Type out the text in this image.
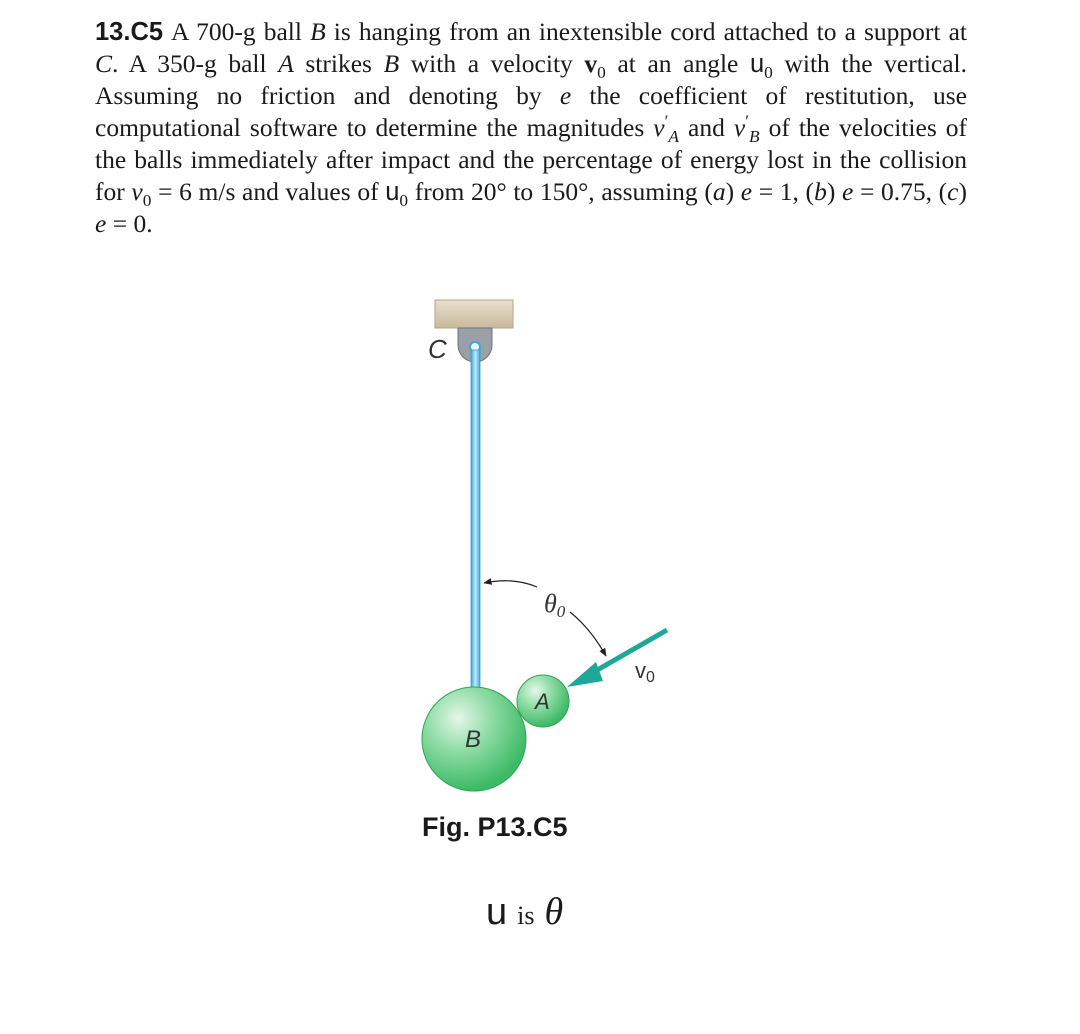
13.C5 A 700-g ball B is hanging from an inextensible cord attached to a support at C. A 350-g ball A strikes B with a velocity $v_0$ at an angle $u_0$ with the vertical. Assuming no friction and denoting by e the coefficient of restitution, use computational software to determine the magnitudes $v'_A$ and $v'_B$ of the velocities of the balls immediately after impact and the percentage of energy lost in the collision for $v_0 = 6$ m/s and values of $u_0$ from 20° to 150°, assuming (a) e = 1, (b) e = 0.75, (c) e = 0.
C
θ0
v0
B
A
Fig. P13.C5
u is θ
